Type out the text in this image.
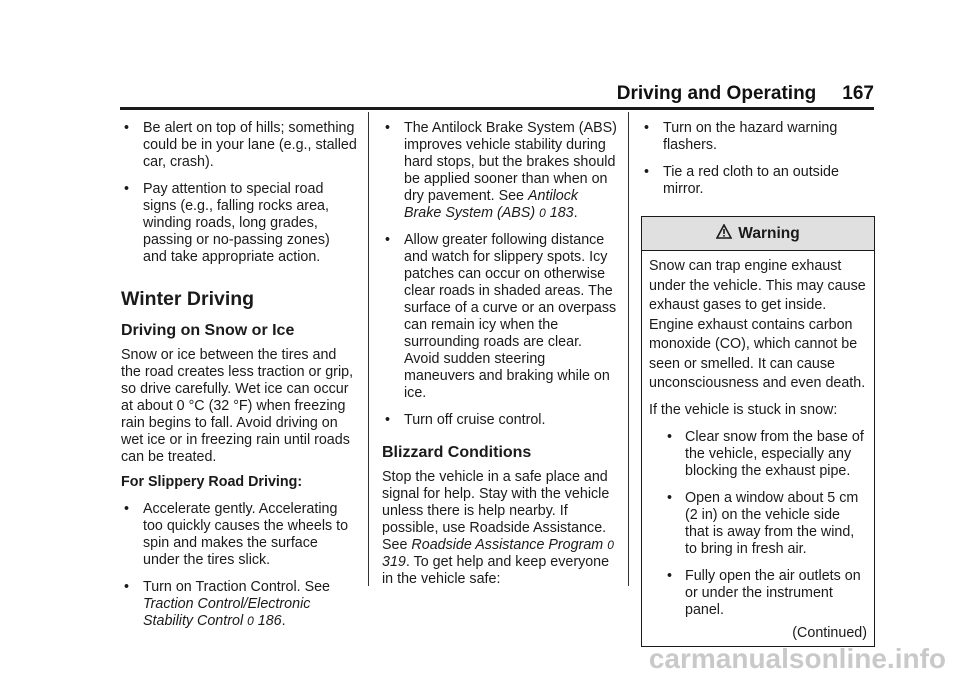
Driving and Operating 167
• Be alert on top of hills; something could be in your lane (e.g., stalled car, crash).
• Pay attention to special road signs (e.g., falling rocks area, winding roads, long grades, passing or no-passing zones) and take appropriate action.
Winter Driving
Driving on Snow or Ice

Snow or ice between the tires and the road creates less traction or grip, so drive carefully. Wet ice can occur at about 0 °C (32 °F) when freezing rain begins to fall. Avoid driving on wet ice or in freezing rain until roads can be treated.

For Slippery Road Driving:

• Accelerate gently. Accelerating too quickly causes the wheels to spin and makes the surface under the tires slick.
• Turn on Traction Control. See Traction Control/Electronic Stability Control 0 186.
• The Antilock Brake System (ABS) improves vehicle stability during hard stops, but the brakes should be applied sooner than when on dry pavement. See Antilock Brake System (ABS) 0 183.
• Allow greater following distance and watch for slippery spots. Icy patches can occur on otherwise clear roads in shaded areas. The surface of a curve or an overpass can remain icy when the surrounding roads are clear. Avoid sudden steering maneuvers and braking while on ice.
• Turn off cruise control.
Blizzard Conditions

Stop the vehicle in a safe place and signal for help. Stay with the vehicle unless there is help nearby. If possible, use Roadside Assistance. See Roadside Assistance Program 0 319. To get help and keep everyone in the vehicle safe:

• Turn on the hazard warning flashers.
• Tie a red cloth to an outside mirror.
Warning

Snow can trap engine exhaust under the vehicle. This may cause exhaust gases to get inside. Engine exhaust contains carbon monoxide (CO), which cannot be seen or smelled. It can cause unconsciousness and even death.

If the vehicle is stuck in snow:

• Clear snow from the base of the vehicle, especially any blocking the exhaust pipe.
• Open a window about 5 cm (2 in) on the vehicle side that is away from the wind, to bring in fresh air.
• Fully open the air outlets on or under the instrument panel.

(Continued)

carmanualsonline.info
